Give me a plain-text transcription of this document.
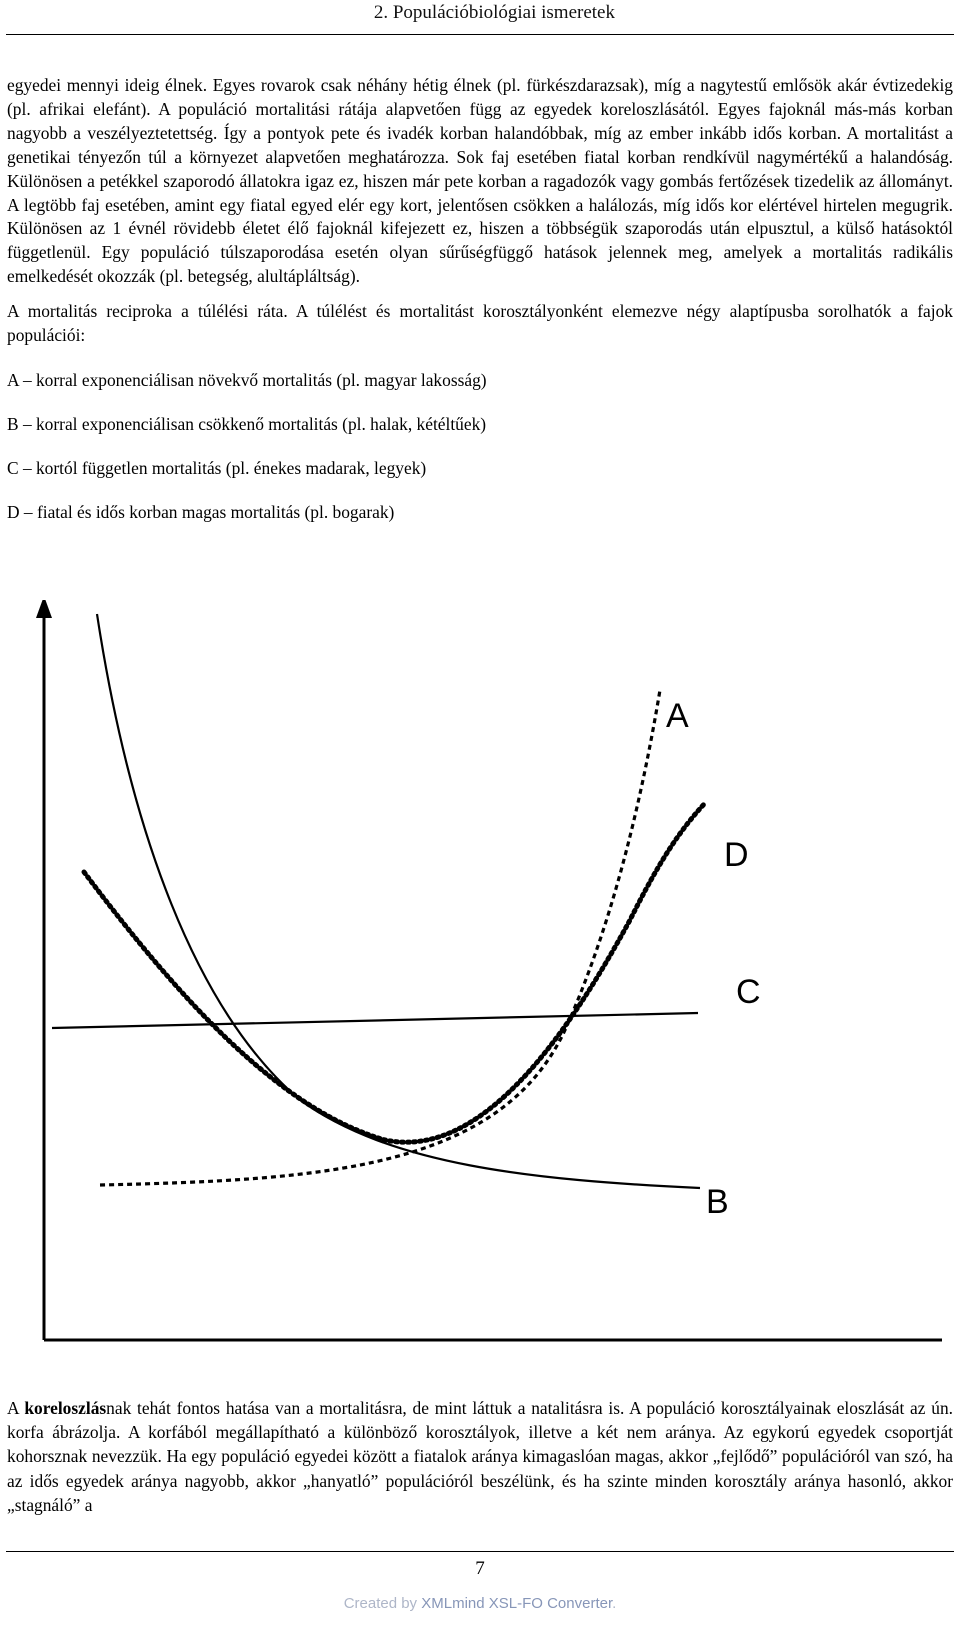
2. Populációbiológiai ismeretek

egyedei mennyi ideig élnek. Egyes rovarok csak néhány hétig élnek (pl. fürkészdarazsak), míg a nagytestű emlősök akár évtizedekig (pl. afrikai elefánt). A populáció mortalitási rátája alapvetően függ az egyedek koreloszlásától. Egyes fajoknál más-más korban nagyobb a veszélyeztetettség. Így a pontyok pete és ivadék korban halandóbbak, míg az ember inkább idős korban. A mortalitást a genetikai tényezőn túl a környezet alapvetően meghatározza. Sok faj esetében fiatal korban rendkívül nagymértékű a halandóság. Különösen a petékkel szaporodó állatokra igaz ez, hiszen már pete korban a ragadozók vagy gombás fertőzések tizedelik az állományt. A legtöbb faj esetében, amint egy fiatal egyed elér egy kort, jelentősen csökken a halálozás, míg idős kor elértével hirtelen megugrik. Különösen az 1 évnél rövidebb életet élő fajoknál kifejezett ez, hiszen a többségük szaporodás után elpusztul, a külső hatásoktól függetlenül. Egy populáció túlszaporodása esetén olyan sűrűségfüggő hatások jelennek meg, amelyek a mortalitás radikális emelkedését okozzák (pl. betegség, alultápláltság).

A mortalitás reciproka a túlélési ráta. A túlélést és mortalitást korosztályonként elemezve négy alaptípusba sorolhatók a fajok populációi:

A – korral exponenciálisan növekvő mortalitás (pl. magyar lakosság)

B – korral exponenciálisan csökkenő mortalitás (pl. halak, kétéltűek)

C – kortól független mortalitás (pl. énekes madarak, legyek)

D – fiatal és idős korban magas mortalitás (pl. bogarak)

A
D
C
B

A koreloszlásnak tehát fontos hatása van a mortalitásra, de mint láttuk a natalitásra is. A populáció korosztályainak eloszlását az ún. korfa ábrázolja. A korfából megállapítható a különböző korosztályok, illetve a két nem aránya. Az egykorú egyedek csoportját kohorsznak nevezzük. Ha egy populáció egyedei között a fiatalok aránya kimagaslóan magas, akkor „fejlődő” populációról van szó, ha az idős egyedek aránya nagyobb, akkor „hanyatló” populációról beszélünk, és ha szinte minden korosztály aránya hasonló, akkor „stagnáló” a

7
Created by XMLmind XSL-FO Converter.
